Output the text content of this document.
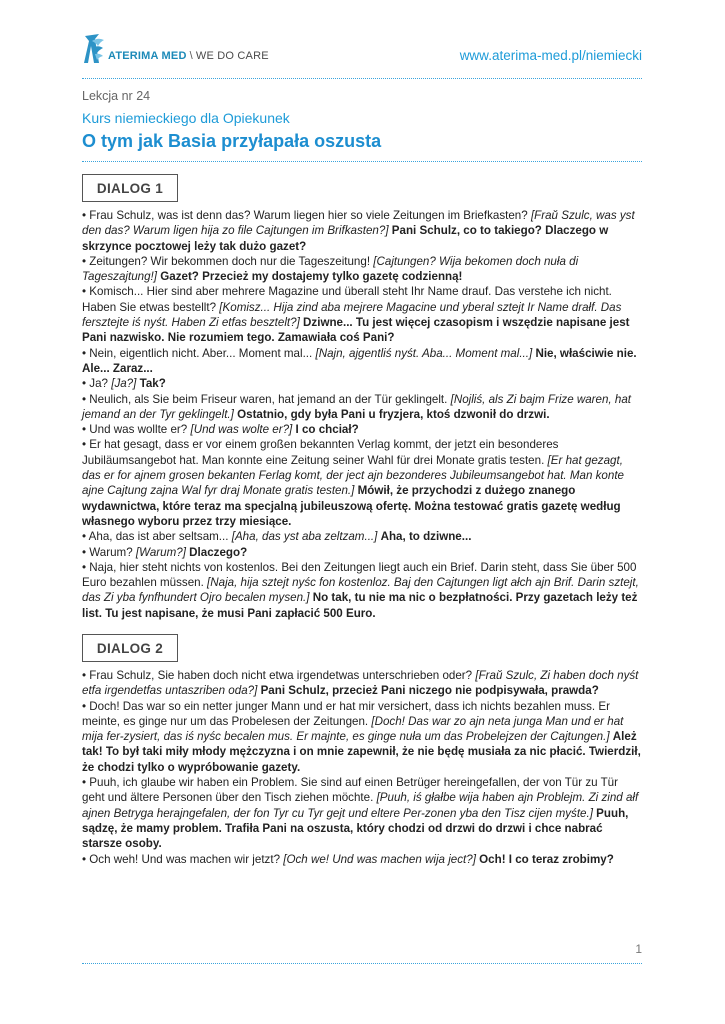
ATERIMA MED \ WE DO CARE	www.aterima-med.pl/niemiecki
Lekcja nr 24
Kurs niemieckiego dla Opiekunek
O tym jak Basia przyłapała oszusta
DIALOG 1

• Frau Schulz, was ist denn das? Warum liegen hier so viele Zeitungen im Briefkasten? [Fraŭ Szulc, was yst den das? Warum ligen hija zo file Cajtungen im Brifkasten?] Pani Schulz, co to takiego? Dlaczego w skrzynce pocztowej leży tak dużo gazet?

• Zeitungen? Wir bekommen doch nur die Tageszeitung! [Cajtungen? Wija bekomen doch nuła di Tageszajtung!] Gazet? Przecież my dostajemy tylko gazetę codzienną!

• Komisch... Hier sind aber mehrere Magazine und überall steht Ihr Name drauf. Das verstehe ich nicht. Haben Sie etwas bestellt? [Komisz... Hija zind aba mejrere Magacine und yberal sztejt Ir Name drałf. Das fersztejte iś nyśt. Haben Zi etfas besztelt?] Dziwne... Tu jest więcej czasopism i wszędzie napisane jest Pani nazwisko. Nie rozumiem tego. Zamawiała coś Pani?

• Nein, eigentlich nicht. Aber... Moment mal... [Najn, ajgentliś nyśt. Aba... Moment mal...] Nie, właściwie nie. Ale... Zaraz...

• Ja? [Ja?] Tak?

• Neulich, als Sie beim Friseur waren, hat jemand an der Tür geklingelt. [Nojliś, als Zi bajm Frize waren, hat jemand an der Tyr geklingelt.] Ostatnio, gdy była Pani u fryzjera, ktoś dzwonił do drzwi.

• Und was wollte er? [Und was wolte er?] I co chciał?

• Er hat gesagt, dass er vor einem großen bekannten Verlag kommt, der jetzt ein besonderes Jubiläumsangebot hat. Man konnte eine Zeitung seiner Wahl für drei Monate gratis testen. [Er hat gezagt, das er for ajnem grosen bekanten Ferlag komt, der ject ajn bezonderes Jubileumsangebot hat. Man konte ajne Cajtung zajna Wal fyr draj Monate gratis testen.] Mówił, że przychodzi z dużego znanego wydawnictwa, które teraz ma specjalną jubileuszową ofertę. Można testować gratis gazetę według własnego wyboru przez trzy miesiące.

• Aha, das ist aber seltsam... [Aha, das yst aba zeltzam...] Aha, to dziwne...

• Warum? [Warum?] Dlaczego?

• Naja, hier steht nichts von kostenlos. Bei den Zeitungen liegt auch ein Brief. Darin steht, dass Sie über 500 Euro bezahlen müssen. [Naja, hija sztejt nyśc fon kostenloz. Baj den Cajtungen ligt ałch ajn Brif. Darin sztejt, das Zi yba fynfhundert Ojro becalen mysen.] No tak, tu nie ma nic o bezpłatności. Przy gazetach leży też list. Tu jest napisane, że musi Pani zapłacić 500 Euro.

DIALOG 2

• Frau Schulz, Sie haben doch nicht etwa irgendetwas unterschrieben oder? [Fraŭ Szulc, Zi haben doch nyśt etfa irgendetfas untaszriben oda?] Pani Schulz, przecież Pani niczego nie podpisywała, prawda?

• Doch! Das war so ein netter junger Mann und er hat mir versichert, dass ich nichts bezahlen muss. Er meinte, es ginge nur um das Probelesen der Zeitungen. [Doch! Das war zo ajn neta junga Man und er hat mija fer-zysiert, das iś nyśc becalen mus. Er majnte, es ginge nuła um das Probelejzen der Cajtungen.] Ależ tak! To był taki miły młody mężczyzna i on mnie zapewnił, że nie będę musiała za nic płacić. Twierdził, że chodzi tylko o wypróbowanie gazety.

• Puuh, ich glaube wir haben ein Problem. Sie sind auf einen Betrüger hereingefallen, der von Tür zu Tür geht und ältere Personen über den Tisch ziehen möchte. [Puuh, iś głałbe wija haben ajn Problejm. Zi zind ałf ajnen Betryga herajngefalen, der fon Tyr cu Tyr gejt und eltere Per-zonen yba den Tisz cijen myśte.] Puuh, sądzę, że mamy problem. Trafiła Pani na oszusta, który chodzi od drzwi do drzwi i chce nabrać starsze osoby.

• Och weh! Und was machen wir jetzt? [Och we! Und was machen wija ject?] Och! I co teraz zrobimy?

1
